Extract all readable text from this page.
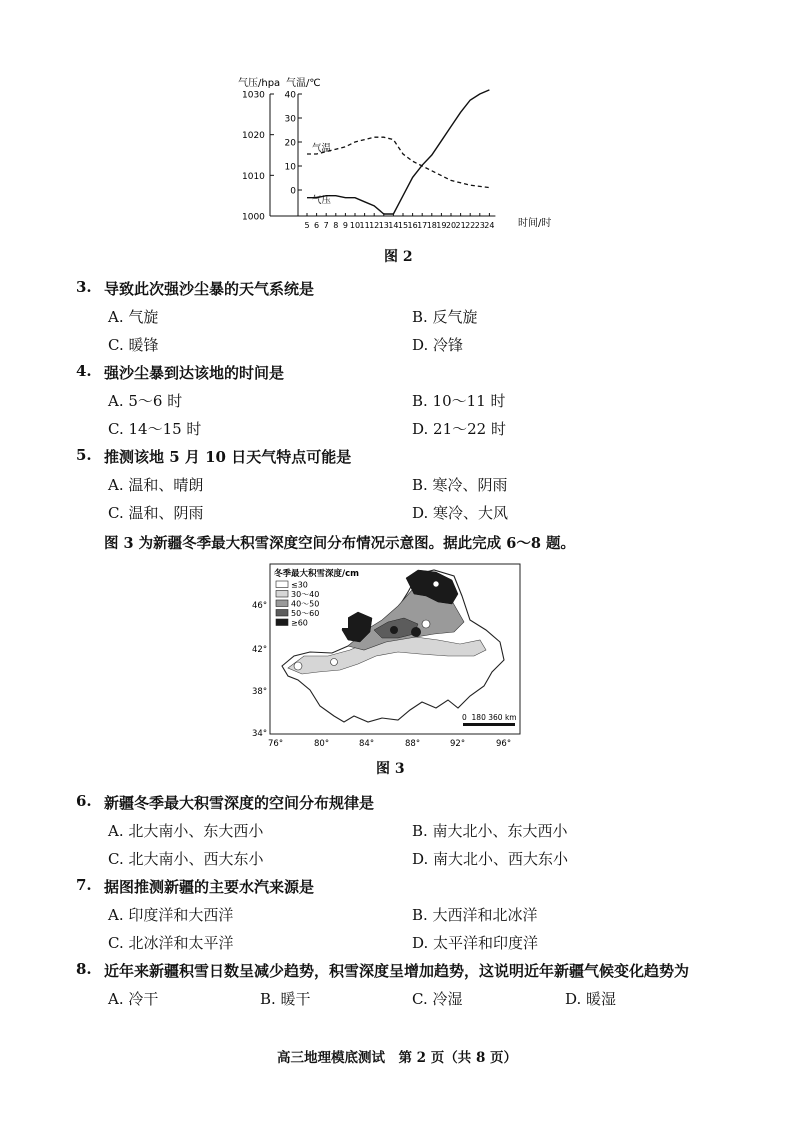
气压/hpa 气温/℃
1030
1020
1010
1000
40
30
20
10
0
5 6 7 8 9 10 11 12 13 14 15 16 17 18 19 20 21 22 23 24
气温
气压
时间/时
图 2
3. 导致此次强沙尘暴的天气系统是
A. 气旋	B. 反气旋
C. 暖锋	D. 冷锋
4. 强沙尘暴到达该地的时间是
A. 5～6 时	B. 10～11 时
C. 14～15 时	D. 21～22 时
5. 推测该地 5 月 10 日天气特点可能是
A. 温和、晴朗	B. 寒冷、阴雨
C. 温和、阴雨	D. 寒冷、大风
图 3 为新疆冬季最大积雪深度空间分布情况示意图。据此完成 6～8 题。
冬季最大积雪深度/cm
≤30
30～40
40～50
50～60
≥60
46°
42°
38°
34°
76°	80°	84°	88°	92°	96°
0  180 360 km
图 3
6. 新疆冬季最大积雪深度的空间分布规律是
A. 北大南小、东大西小	B. 南大北小、东大西小
C. 北大南小、西大东小	D. 南大北小、西大东小
7. 据图推测新疆的主要水汽来源是
A. 印度洋和大西洋	B. 大西洋和北冰洋
C. 北冰洋和太平洋	D. 太平洋和印度洋
8. 近年来新疆积雪日数呈减少趋势，积雪深度呈增加趋势，这说明近年新疆气候变化趋势为
A. 冷干	B. 暖干	C. 冷湿	D. 暖湿
高三地理模底测试　第 2 页（共 8 页）
